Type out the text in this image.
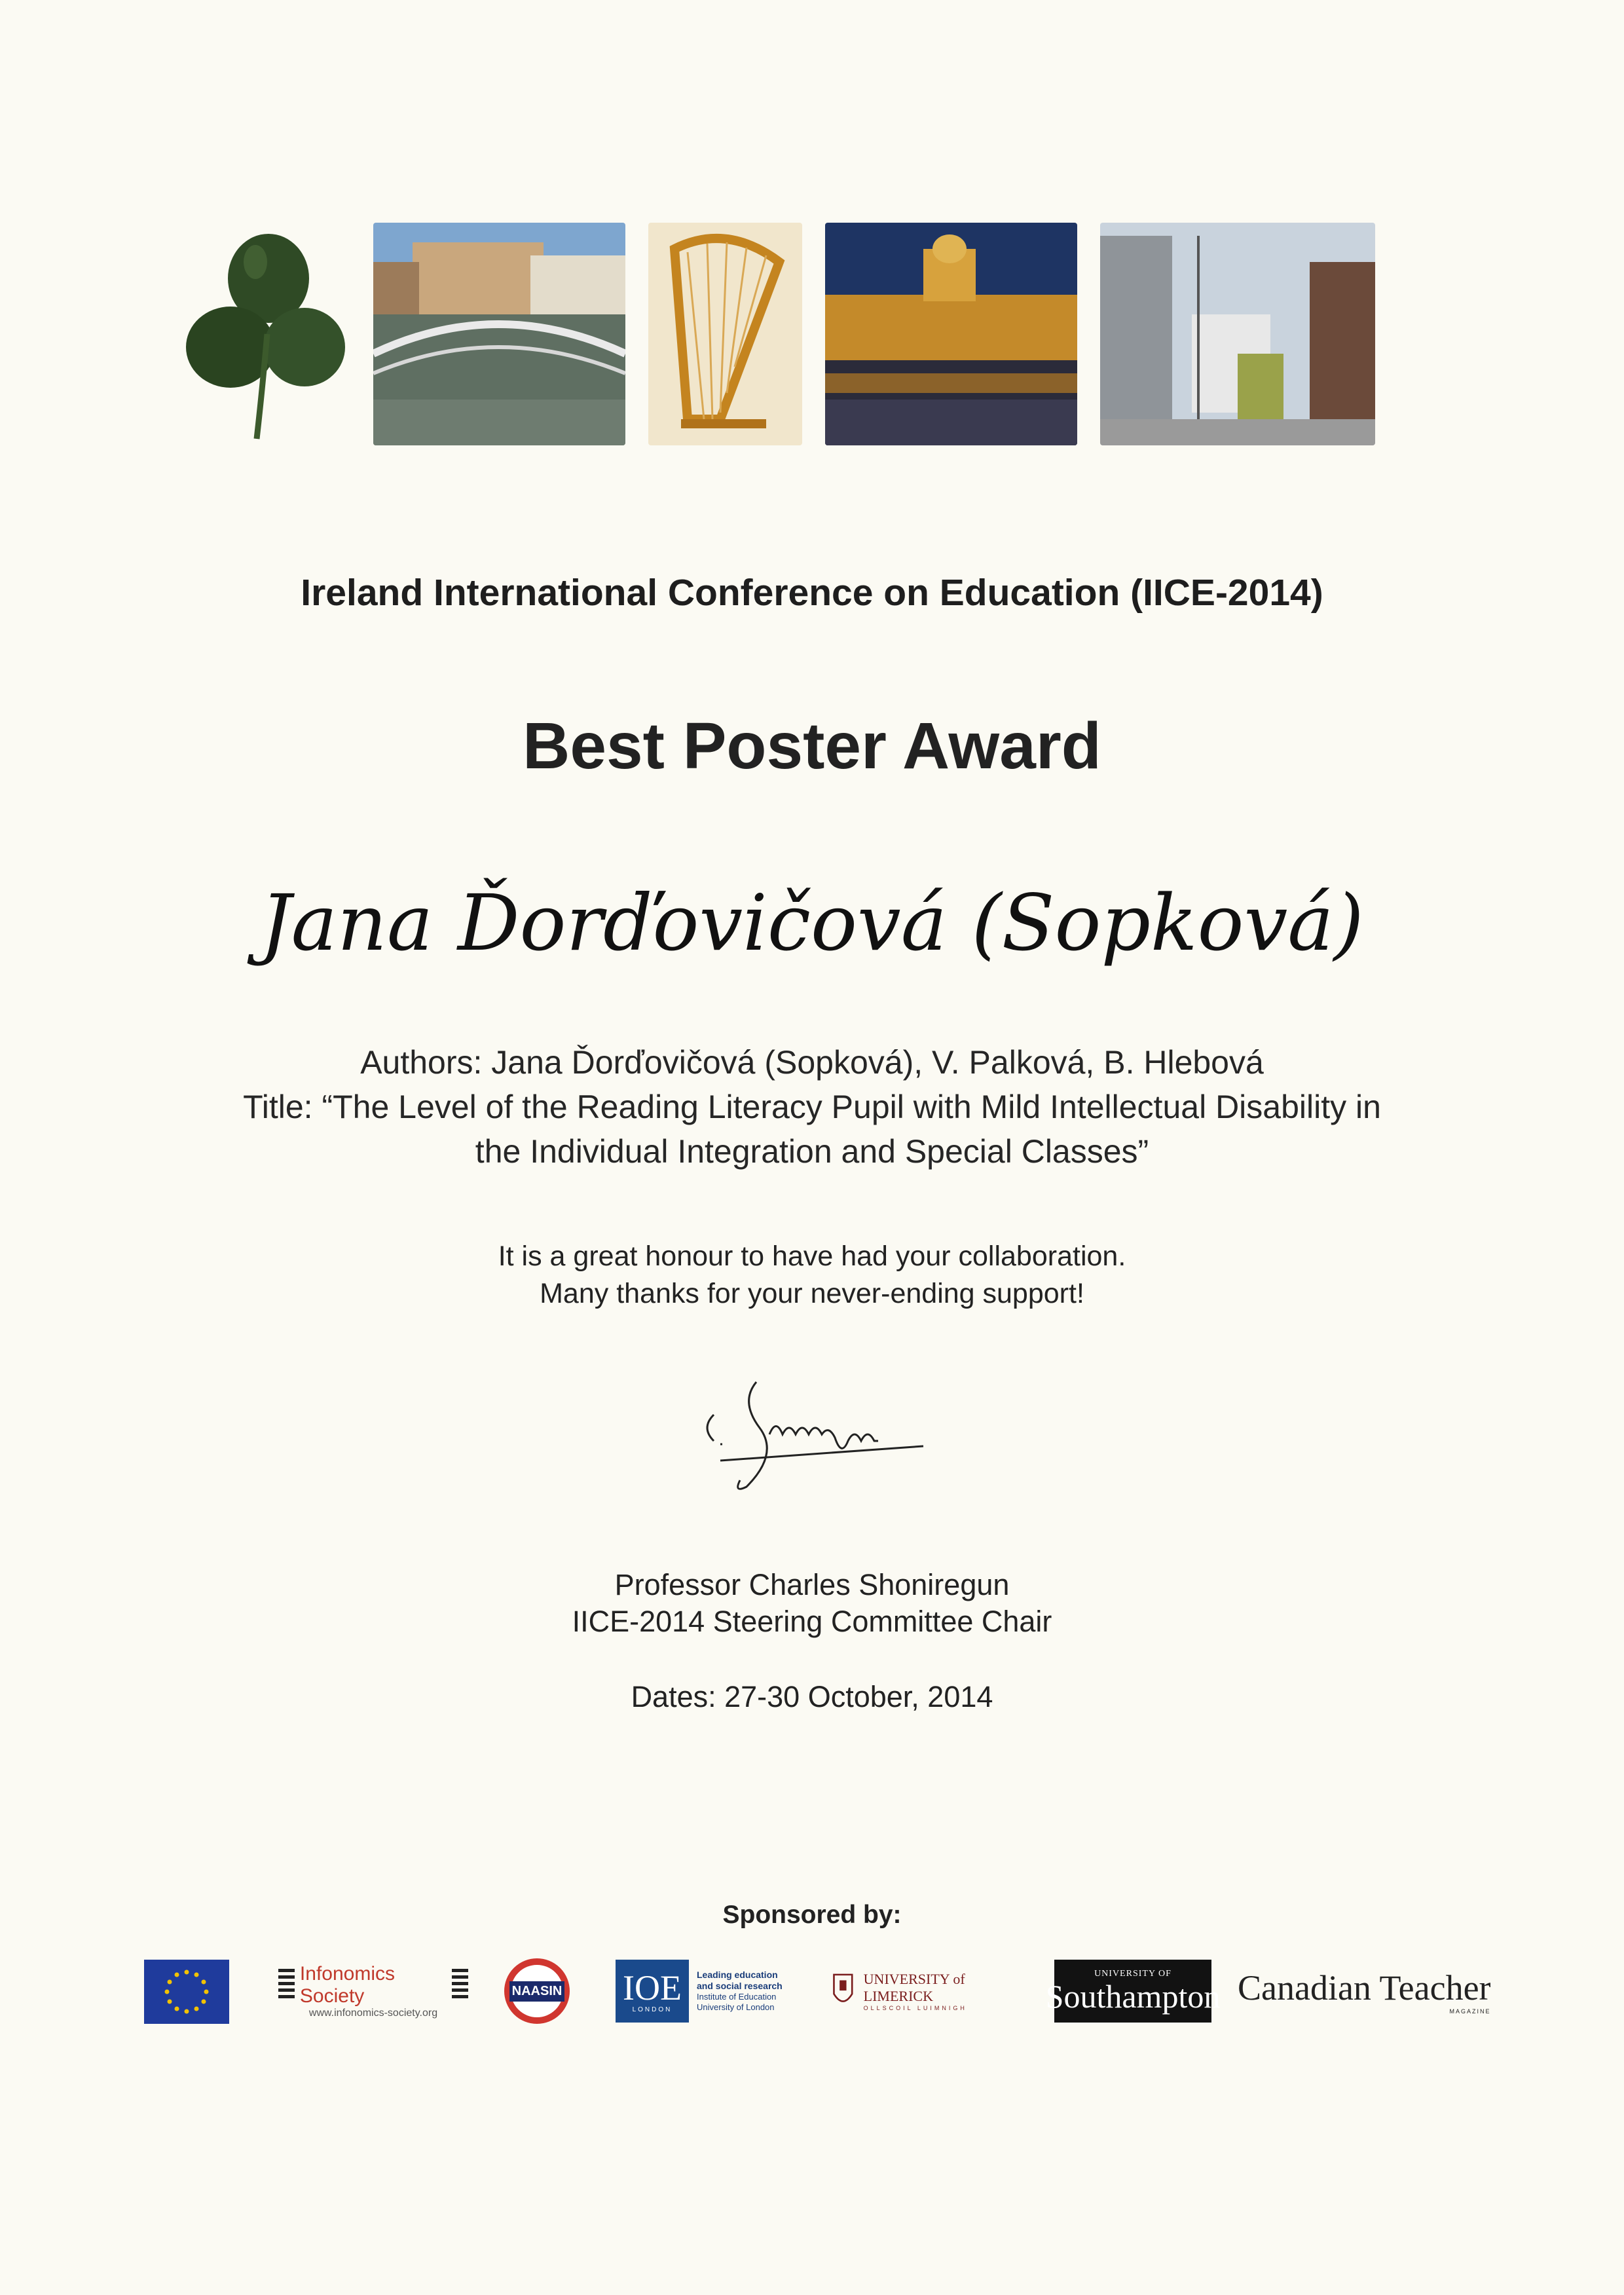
Ireland International Conference on Education (IICE-2014)

Best Poster Award

Jana Ďorďovičová (Sopková)

Authors: Jana Ďorďovičová (Sopková), V. Palková, B. Hlebová
Title: “The Level of the Reading Literacy Pupil with Mild Intellectual Disability in
the Individual Integration and Special Classes”

It is a great honour to have had your collaboration.
Many thanks for your never-ending support!

Professor Charles Shoniregun
IICE-2014 Steering Committee Chair

Dates: 27-30 October, 2014

Sponsored by:

Infonomics Society
www.infonomics-society.org
NAASIN IOE
LONDON
Leading education
and social research
Institute of Education
University of London
UNIVERSITY of LIMERICK
OLLSCOIL LUIMNIGH
UNIVERSITY OF
Southampton Canadian Teacher
MAGAZINE
